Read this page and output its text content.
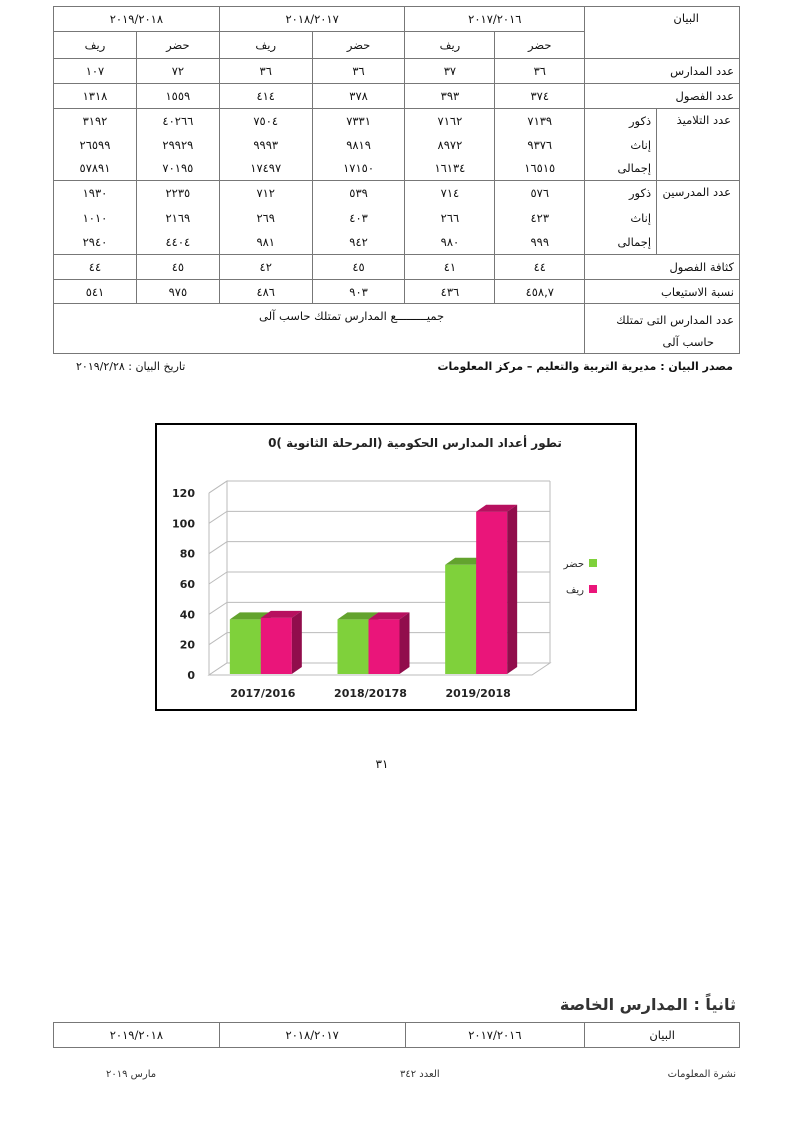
البيان		٢٠١٧/٢٠١٦		٢٠١٨/٢٠١٧		٢٠١٩/٢٠١٨	
		حضر	ريف	حضر	ريف	حضر	ريف
عدد المدارس		٣٦	٣٧	٣٦	٣٦	٧٢	١٠٧
عدد الفصول		٣٧٤	٣٩٣	٣٧٨	٤١٤	١٥٥٩	١٣١٨
عدد التلاميذ	ذكور	٧١٣٩	٧١٦٢	٧٣٣١	٧٥٠٤	٤٠٢٦٦	٣١٩٢
	إناث	٩٣٧٦	٨٩٧٢	٩٨١٩	٩٩٩٣	٢٩٩٢٩	٢٦٥٩٩
	إجمالى	١٦٥١٥	١٦١٣٤	١٧١٥٠	١٧٤٩٧	٧٠١٩٥	٥٧٨٩١
عدد المدرسين	ذكور	٥٧٦	٧١٤	٥٣٩	٧١٢	٢٢٣٥	١٩٣٠
	إناث	٤٢٣	٢٦٦	٤٠٣	٢٦٩	٢١٦٩	١٠١٠
	إجمالى	٩٩٩	٩٨٠	٩٤٢	٩٨١	٤٤٠٤	٢٩٤٠
كثافة الفصول		٤٤	٤١	٤٥	٤٢	٤٥	٤٤
نسبة الاستيعاب		٤٥٨,٧	٤٣٦	٩٠٣	٤٨٦	٩٧٥	٥٤١

عدد المدارس التى تمتلك
حاسب آلى		جميـــــــــع المدارس تمتلك حاسب آلى					
مصدر البيان : مديرية التربية والتعليم – مركز المعلومات
تاريخ البيان : ٢٠١٩/٢/٢٨
تطور أعداد المدارس الحكومية (المرحلة الثانوية )0
0
20
40
60
80
100
120
2017/2016	2018/20178	2019/2018
حضر
ريف
٣١
ثانياً : المدارس الخاصة
البيان	٢٠١٧/٢٠١٦	٢٠١٨/٢٠١٧	٢٠١٩/٢٠١٨
نشرة المعلومات
العدد ٣٤٢
مارس ٢٠١٩
